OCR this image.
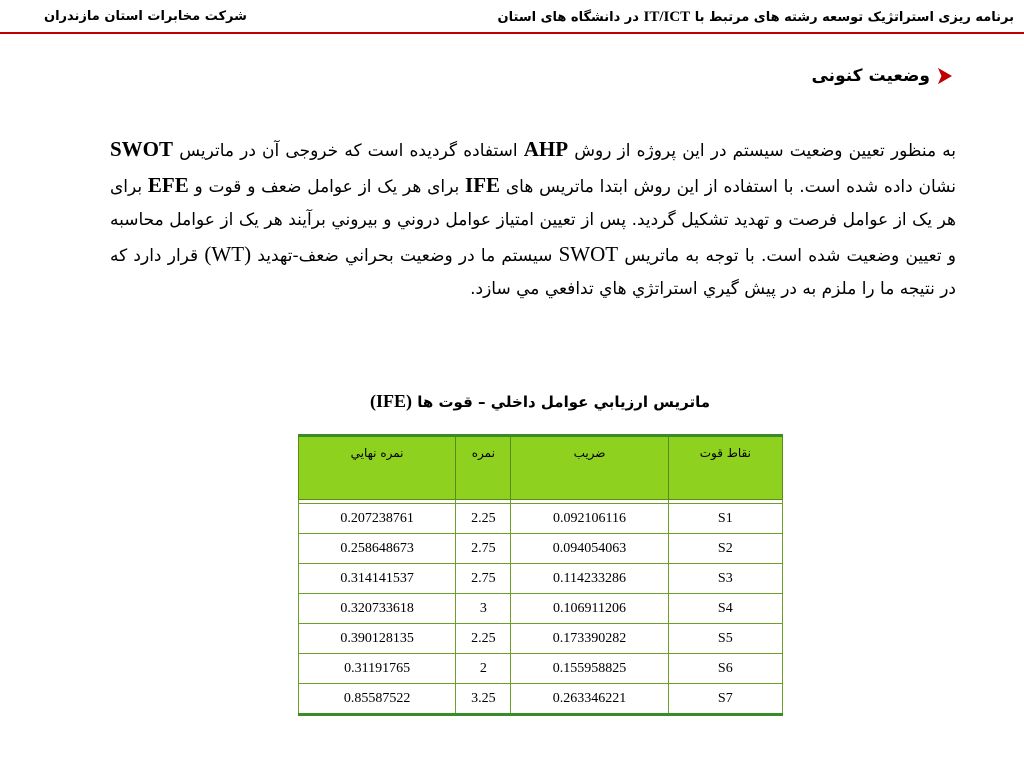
برنامه ریزی استراتژیک توسعه رشته های مرتبط با IT/ICT در دانشگاه های استان
شرکت مخابرات استان مازندران
وضعیت کنونی
به منظور تعیین وضعیت سیستم در این پروژه از روش AHP استفاده گردیده است که خروجی آن در ماتریس SWOT نشان داده شده است. با استفاده از این روش ابتدا ماتریس های IFE برای هر یک از عوامل ضعف و قوت و EFE برای هر یک از عوامل فرصت و تهدید تشکیل گردید. پس از تعیین امتیاز عوامل دروني و بيروني برآيند هر يک از عوامل محاسبه و تعيين وضعيت شده است. با توجه به ماتريس SWOT سيستم ما در وضعيت بحراني ضعف-تهديد (WT) قرار دارد که در نتيجه ما را ملزم به در پيش گيري استراتژي هاي تدافعي مي سازد.
ماتريس ارزيابي عوامل داخلي – قوت ها (IFE)
نقاط قوت	ضریب	نمره	نمره نهايي

S1	0.092106116	2.25	0.207238761
S2	0.094054063	2.75	0.258648673
S3	0.114233286	2.75	0.314141537
S4	0.106911206	3	0.320733618
S5	0.173390282	2.25	0.390128135
S6	0.155958825	2	0.31191765
S7	0.263346221	3.25	0.85587522
